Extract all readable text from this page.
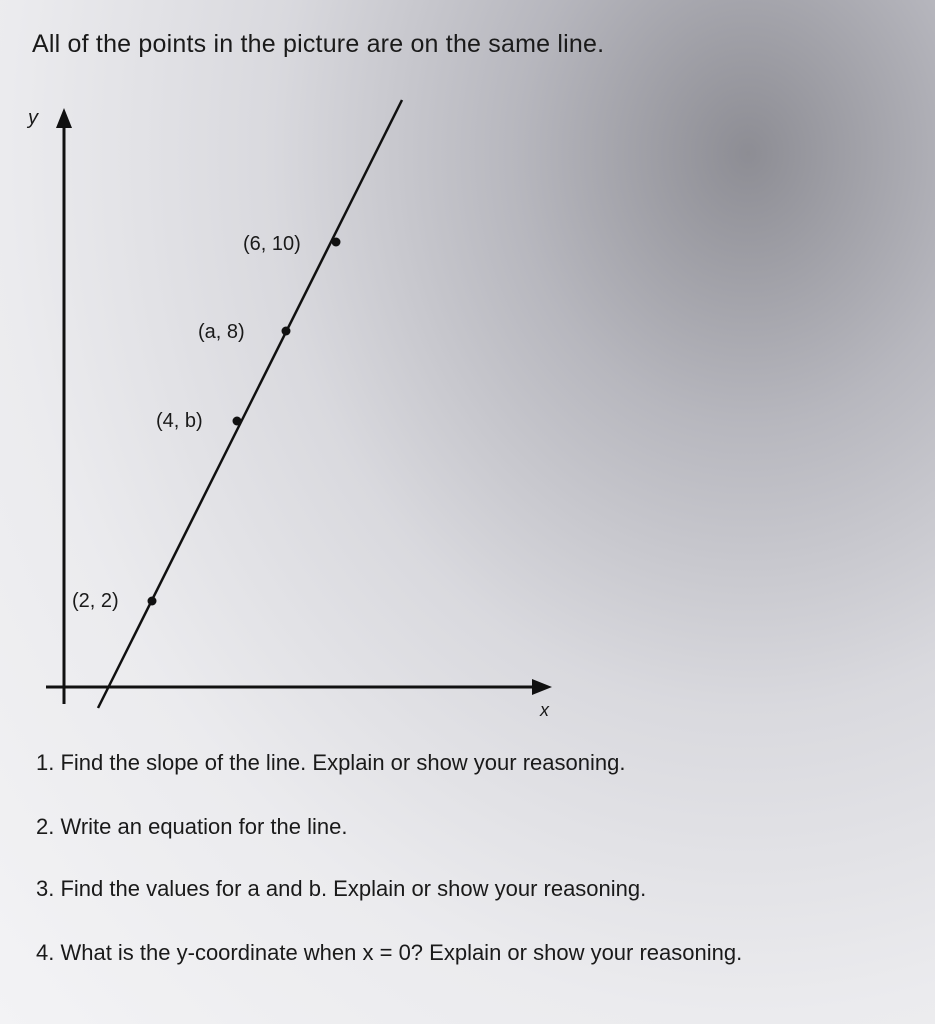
All of the points in the picture are on the same line.
y
x
(6, 10)
(a, 8)
(4, b)
(2, 2)
1. Find the slope of the line. Explain or show your reasoning.
2. Write an equation for the line.
3. Find the values for a and b. Explain or show your reasoning.
4. What is the y-coordinate when x = 0? Explain or show your reasoning.
